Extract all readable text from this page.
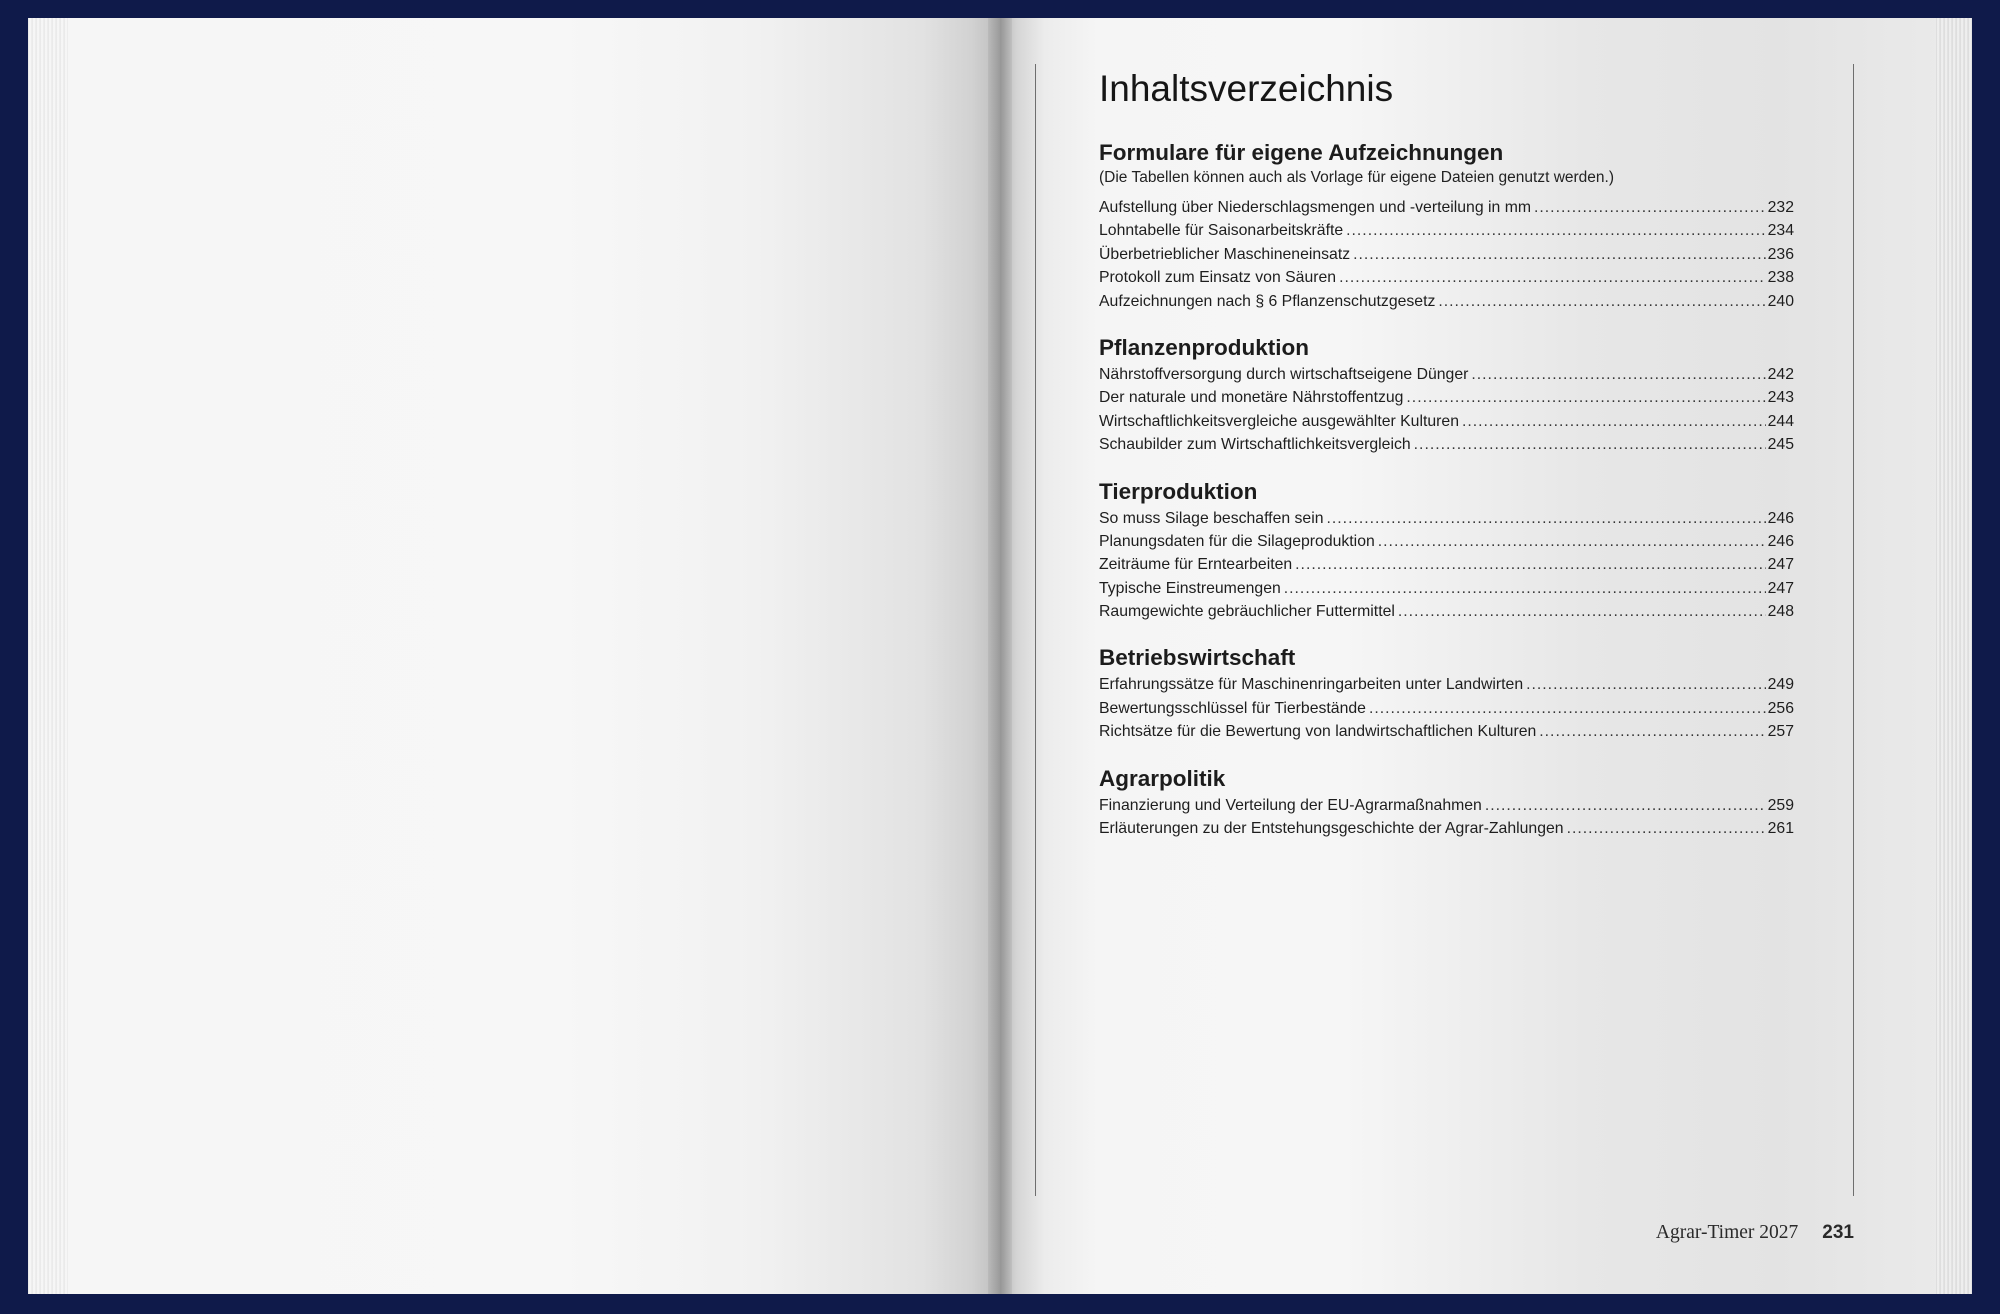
Inhaltsverzeichnis
Formulare für eigene Aufzeichnungen

(Die Tabellen können auch als Vorlage für eigene Dateien genutzt werden.)

Aufstellung über Niederschlagsmengen und -verteilung in mm .....	232
Lohntabelle für Saisonarbeitskräfte .....	234
Überbetrieblicher Maschineneinsatz .....	236
Protokoll zum Einsatz von Säuren .....	238
Aufzeichnungen nach § 6 Pflanzenschutzgesetz .....	240
Pflanzenproduktion
Nährstoffversorgung durch wirtschaftseigene Dünger .....	242
Der naturale und monetäre Nährstoffentzug .....	243
Wirtschaftlichkeitsvergleiche ausgewählter Kulturen .....	244
Schaubilder zum Wirtschaftlichkeitsvergleich .....	245
Tierproduktion
So muss Silage beschaffen sein .....	246
Planungsdaten für die Silageproduktion .....	246
Zeiträume für Erntearbeiten .....	247
Typische Einstreumengen .....	247
Raumgewichte gebräuchlicher Futtermittel .....	248
Betriebswirtschaft
Erfahrungssätze für Maschinenringarbeiten unter Landwirten .....	249
Bewertungsschlüssel für Tierbestände .....	256
Richtsätze für die Bewertung von landwirtschaftlichen Kulturen .....	257
Agrarpolitik
Finanzierung und Verteilung der EU-Agrarmaßnahmen .....	259
Erläuterungen zu der Entstehungsgeschichte der Agrar-Zahlungen .....	261
Agrar-Timer 2027 231
